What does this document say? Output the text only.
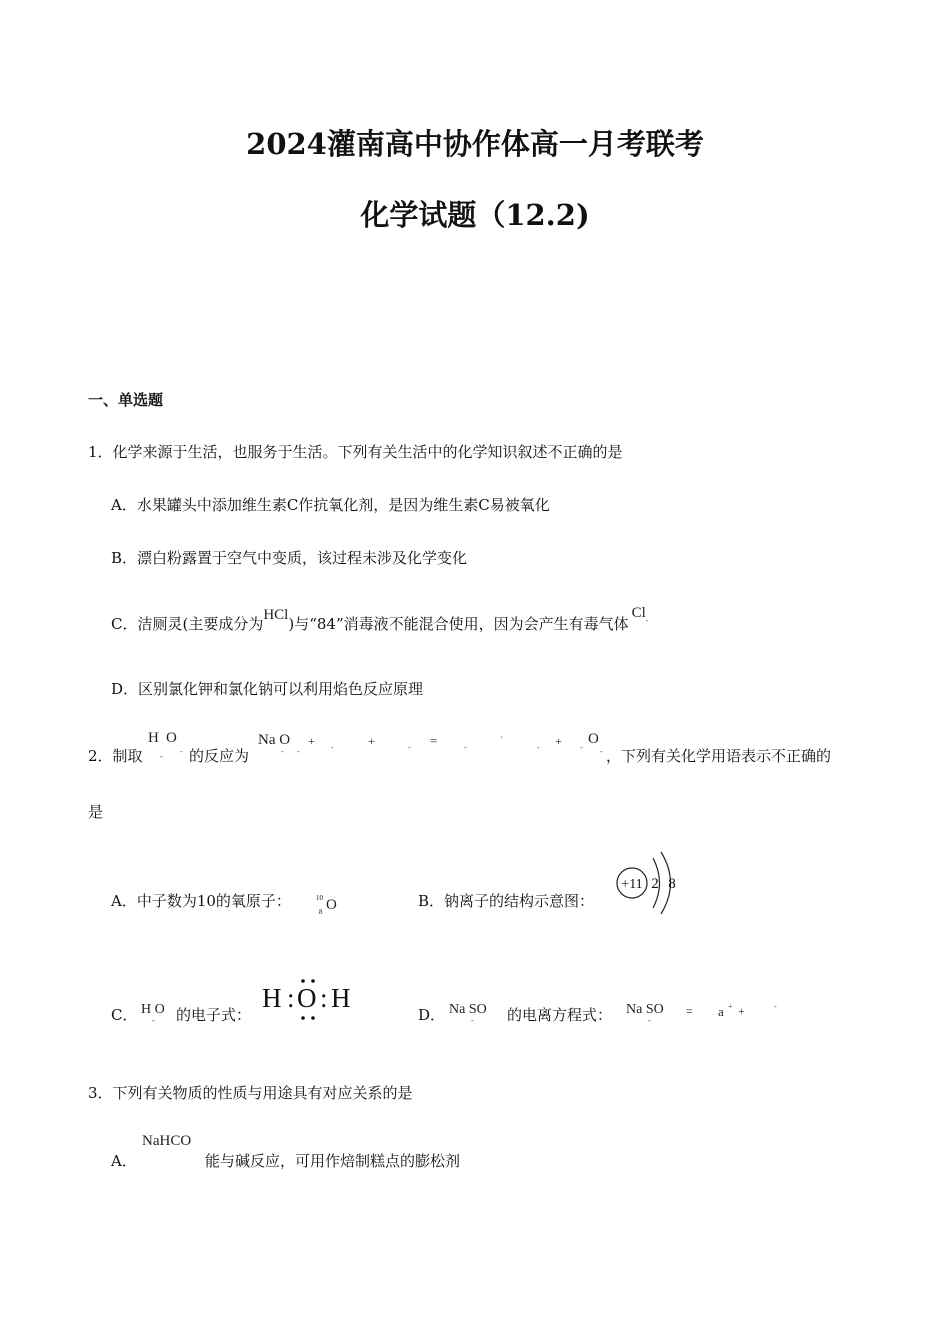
2024灌南高中协作体高一月考联考
化学试题（12.2)
一、单选题
1．化学来源于生活，也服务于生活。下列有关生活中的化学知识叙述不正确的是
A．水果罐头中添加维生素C作抗氧化剂，是因为维生素C易被氧化
B．漂白粉露置于空气中变质，该过程未涉及化学变化
C．洁厕灵(主要成分为HCl)与“84”消毒液不能混合使用，因为会产生有毒气体Cl-
D．区别氯化钾和氯化钠可以利用焰色反应原理
2．制取
H O
-
- 的反应为
Na O
- -
+ -	+	- =	-
'
- + -
O
- ，下列有关化学用语表示不正确的
是
A．中子数为10的氧原子：	10
8 O	B．钠离子的结构示意图：
+11 2 8
C． H O
- 的电子式：
H : O : H
D． Na SO
- 的电离方程式： Na SO
-
= a + +	-
3．下列有关物质的性质与用途具有对应关系的是
A．
NaHCO
能与碱反应，可用作焙制糕点的膨松剂
